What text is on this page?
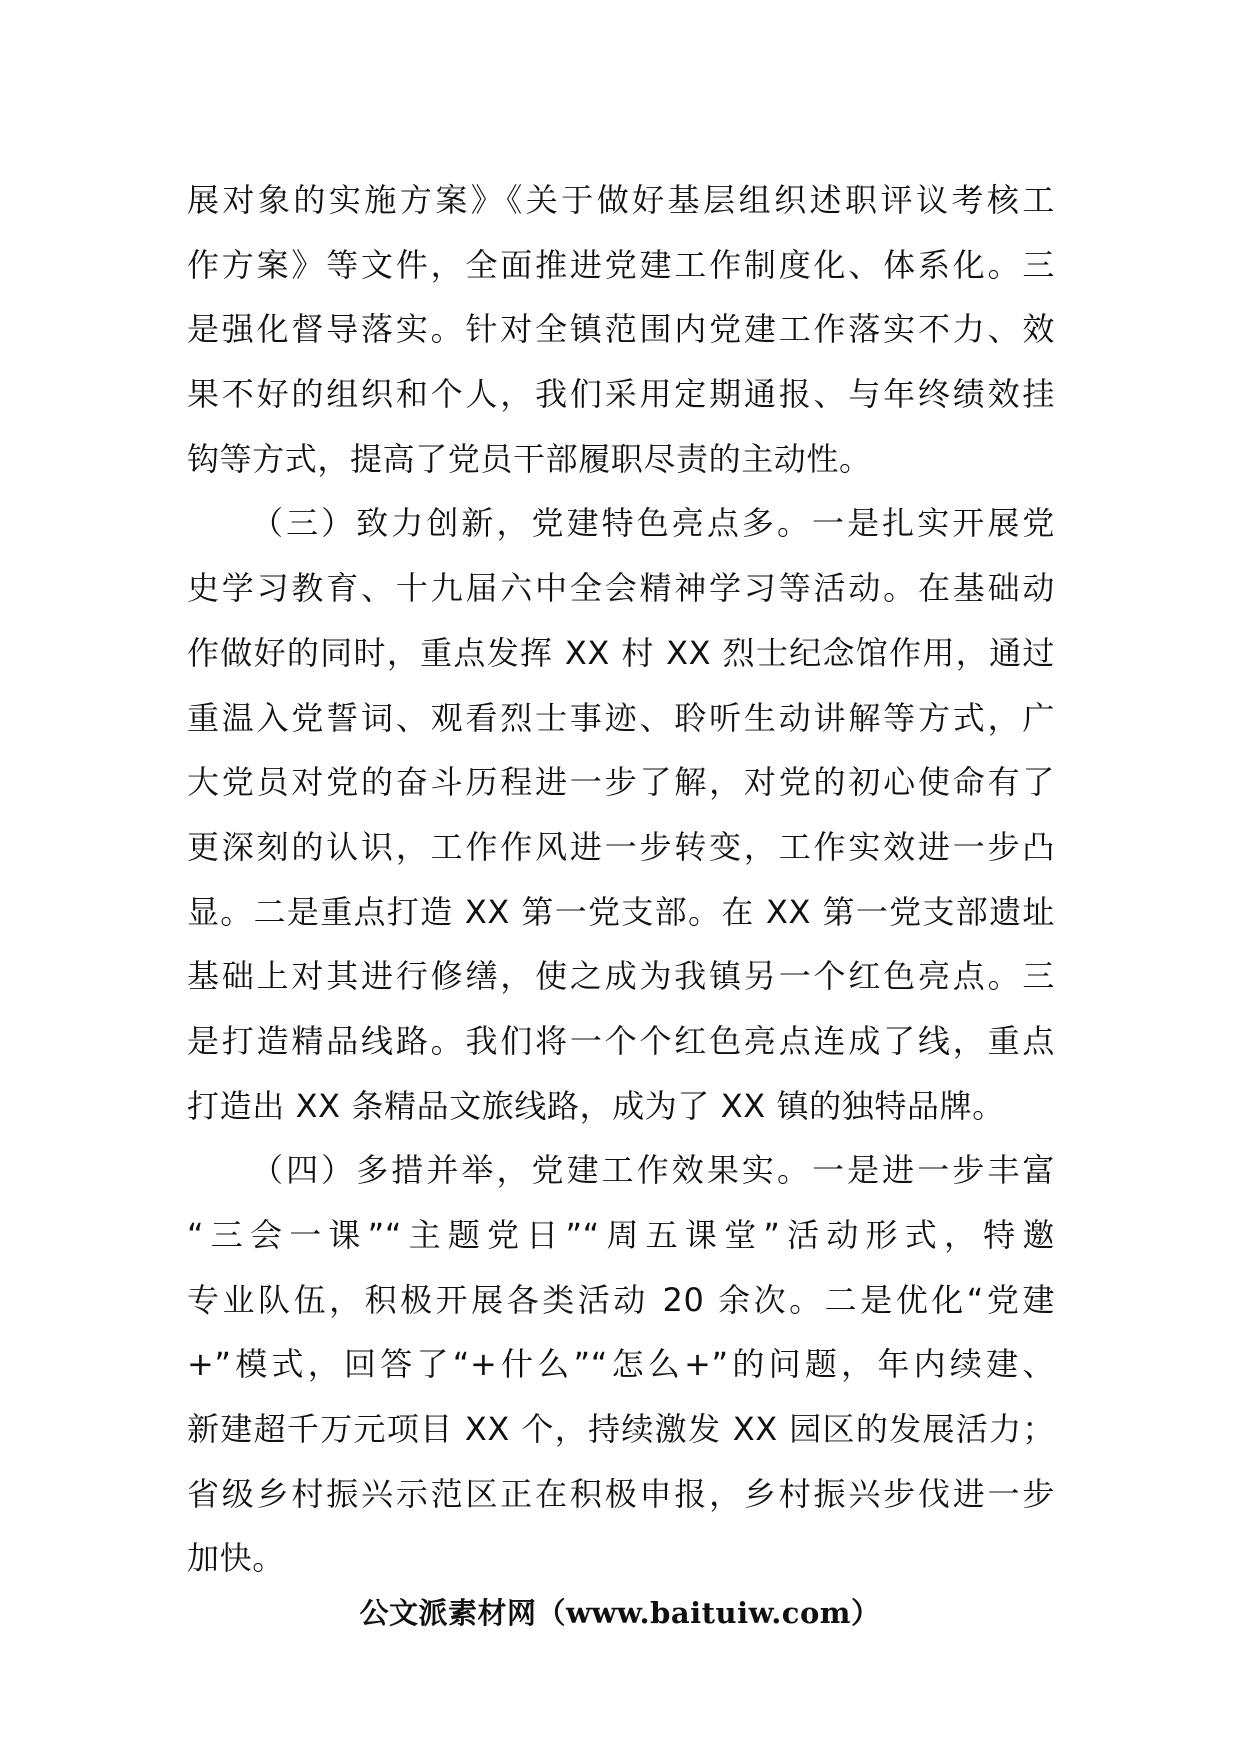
展对象的实施方案》《关于做好基层组织述职评议考核工
作方案》等文件，全面推进党建工作制度化、体系化。三
是强化督导落实。针对全镇范围内党建工作落实不力、效
果不好的组织和个人，我们采用定期通报、与年终绩效挂
钩等方式，提高了党员干部履职尽责的主动性。
（三）致力创新，党建特色亮点多。一是扎实开展党
史学习教育、十九届六中全会精神学习等活动。在基础动
作做好的同时，重点发挥 XX 村 XX 烈士纪念馆作用，通过
重温入党誓词、观看烈士事迹、聆听生动讲解等方式，广
大党员对党的奋斗历程进一步了解，对党的初心使命有了
更深刻的认识，工作作风进一步转变，工作实效进一步凸
显。二是重点打造 XX 第一党支部。在 XX 第一党支部遗址
基础上对其进行修缮，使之成为我镇另一个红色亮点。三
是打造精品线路。我们将一个个红色亮点连成了线，重点
打造出 XX 条精品文旅线路，成为了 XX 镇的独特品牌。
（四）多措并举，党建工作效果实。一是进一步丰富
“三会一课”“主题党日”“周五课堂”活动形式，特邀
专业队伍，积极开展各类活动 20 余次。二是优化“党建
+”模式，回答了“+什么”“怎么+”的问题，年内续建、
新建超千万元项目 XX 个，持续激发 XX 园区的发展活力；
省级乡村振兴示范区正在积极申报，乡村振兴步伐进一步
加快。
公文派素材网（www.baituiw.com）
